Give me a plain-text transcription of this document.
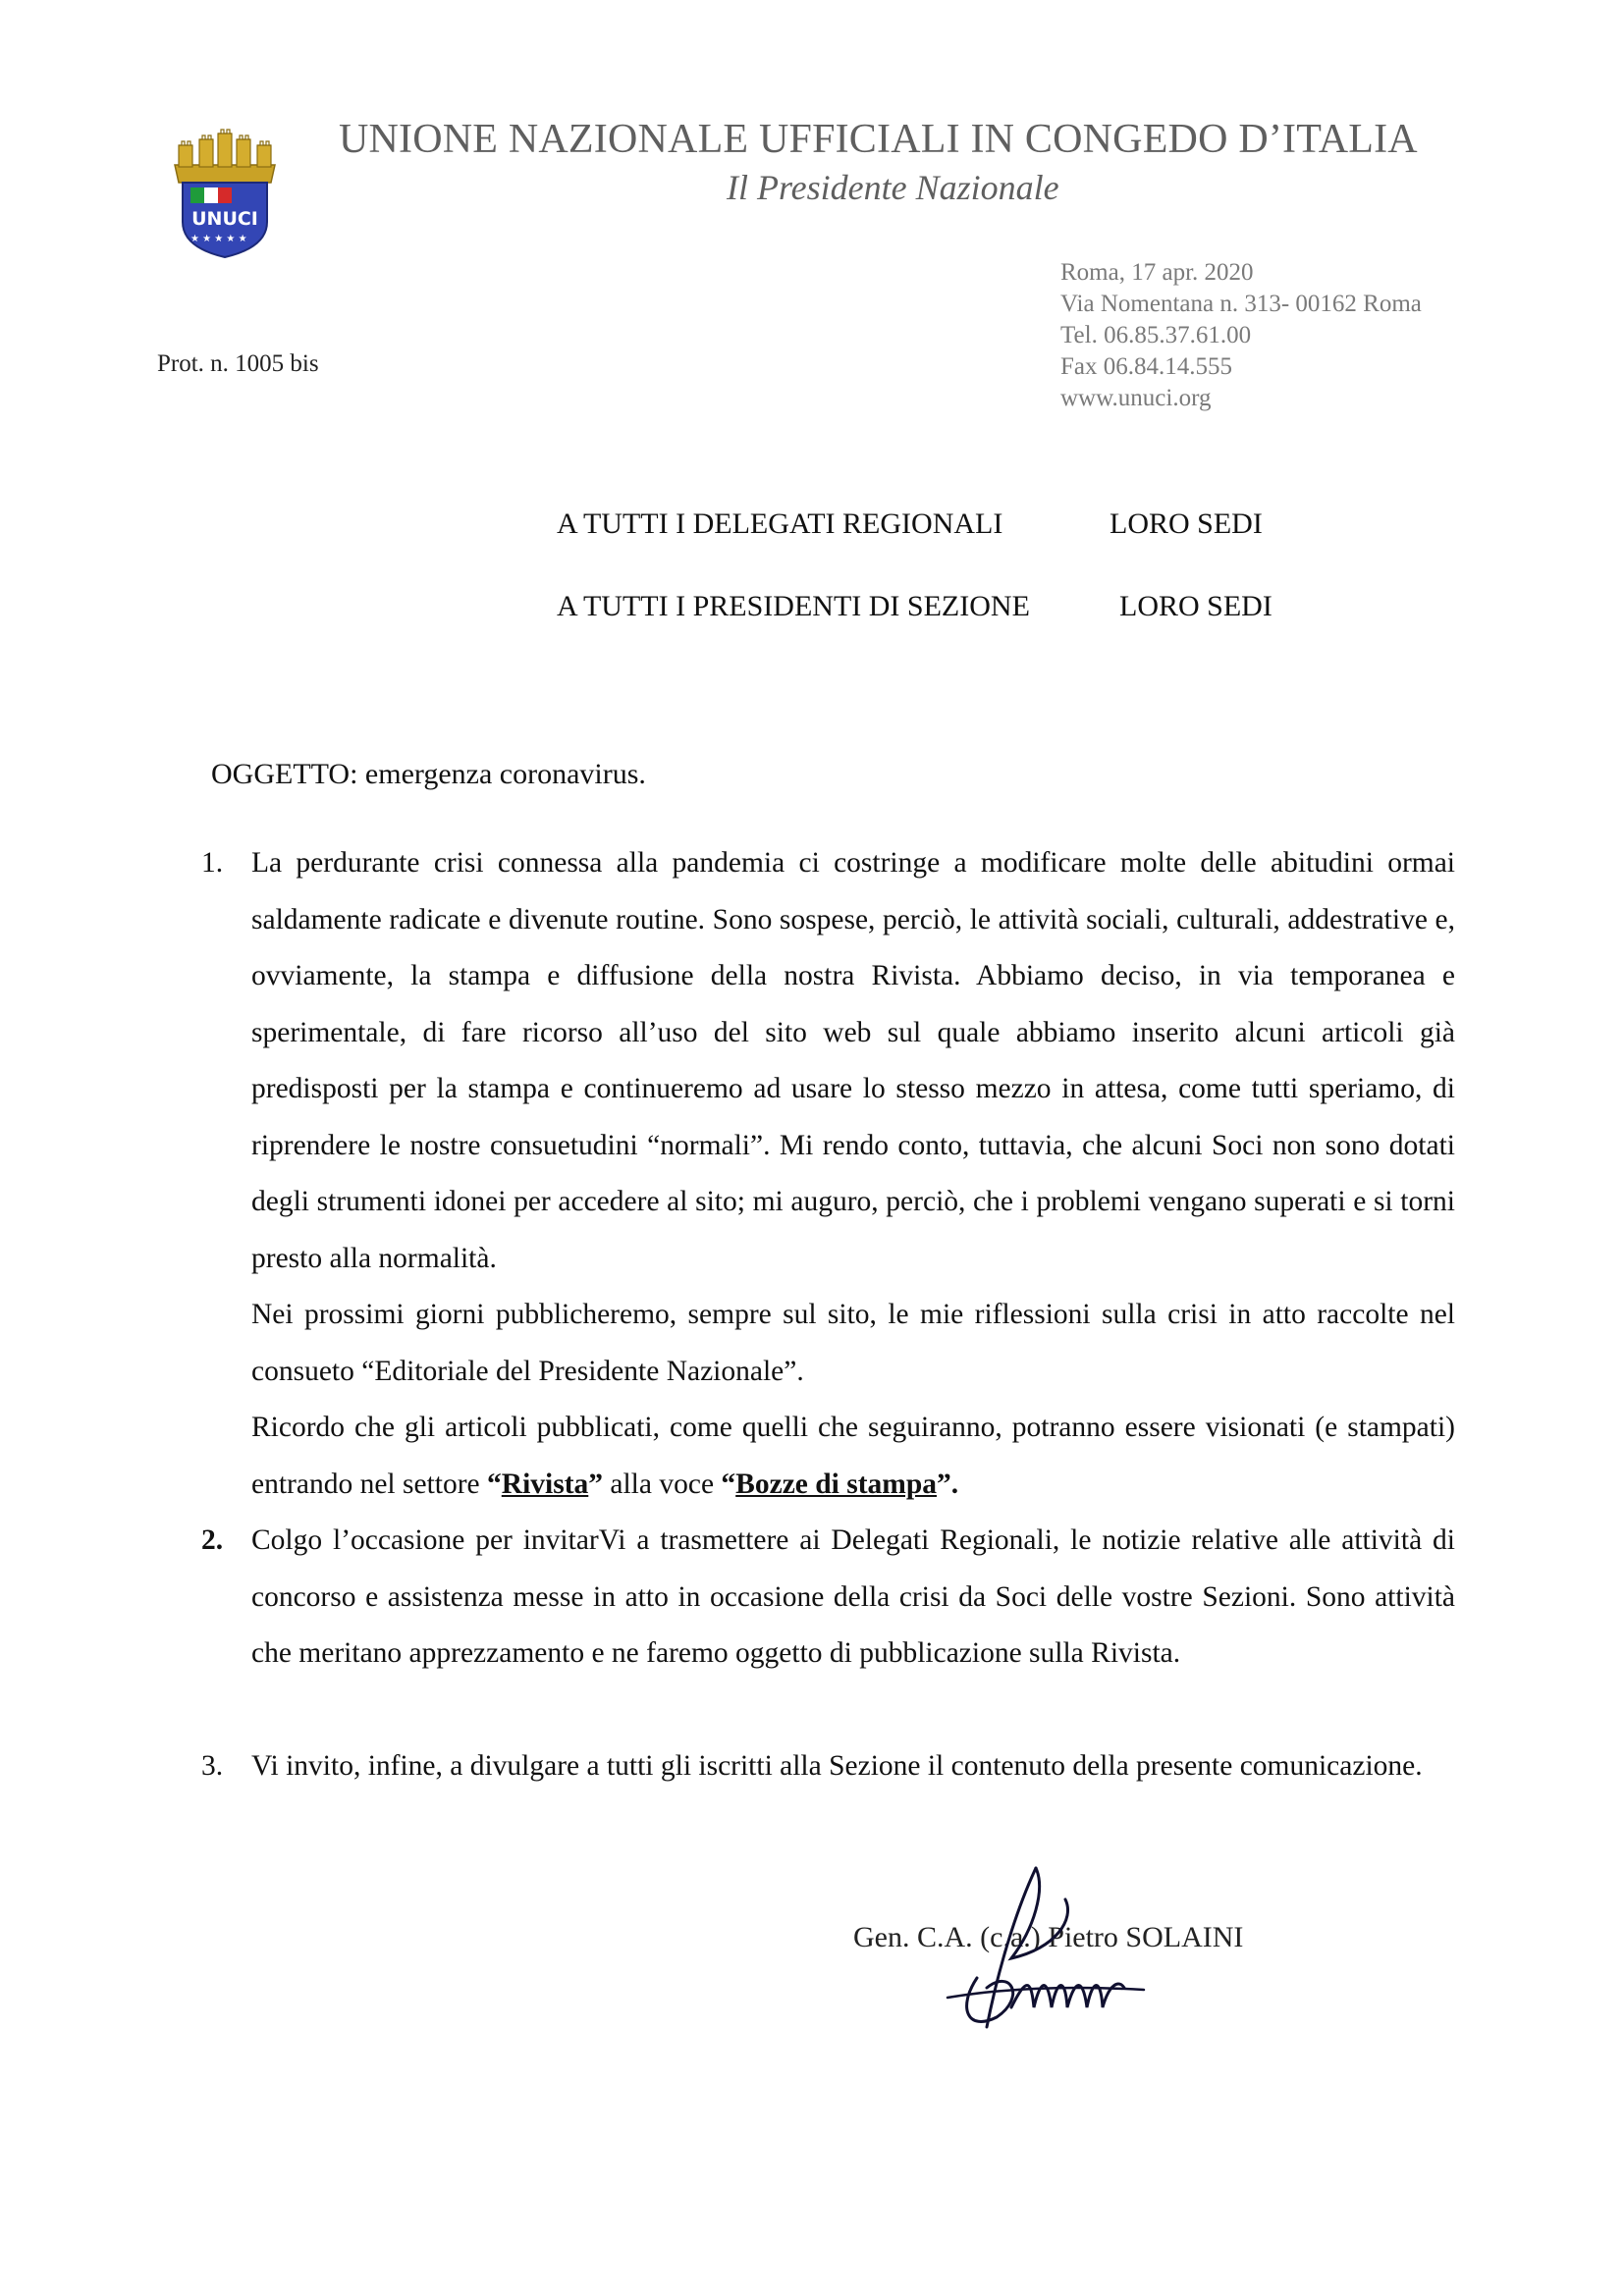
★ ★ ★ ★ ★
UNUCI
UNIONE NAZIONALE UFFICIALI IN CONGEDO D’ITALIA
Il Presidente Nazionale
Prot. n. 1005 bis
Roma, 17 apr. 2020
Via Nomentana n. 313- 00162 Roma
Tel. 06.85.37.61.00
Fax 06.84.14.555
www.unuci.org
A TUTTI I DELEGATI REGIONALI	LORO SEDI
A TUTTI I PRESIDENTI DI SEZIONE	LORO SEDI
OGGETTO: emergenza coronavirus.
1. La perdurante crisi connessa alla pandemia ci costringe a modificare molte delle abitudini ormai saldamente radicate e divenute routine. Sono sospese, perciò, le attività sociali, culturali, addestrative e, ovviamente, la stampa e diffusione della nostra Rivista. Abbiamo deciso, in via temporanea e sperimentale, di fare ricorso all’uso del sito web sul quale abbiamo inserito alcuni articoli già predisposti per la stampa e continueremo ad usare lo stesso mezzo in attesa, come tutti speriamo, di riprendere le nostre consuetudini “normali”. Mi rendo conto, tuttavia, che alcuni Soci non sono dotati degli strumenti idonei per accedere al sito; mi auguro, perciò, che i problemi vengano superati e si torni presto alla normalità.
Nei prossimi giorni pubblicheremo, sempre sul sito, le mie riflessioni sulla crisi in atto raccolte nel consueto “Editoriale del Presidente Nazionale”.
Ricordo che gli articoli pubblicati, come quelli che seguiranno, potranno essere visionati (e stampati) entrando nel settore “Rivista” alla voce “Bozze di stampa”.
2. Colgo l’occasione per invitarVi a trasmettere ai Delegati Regionali, le notizie relative alle attività di concorso e assistenza messe in atto in occasione della crisi da Soci delle vostre Sezioni. Sono attività che meritano apprezzamento e ne faremo oggetto di pubblicazione sulla Rivista.
3. Vi invito, infine, a divulgare a tutti gli iscritti alla Sezione il contenuto della presente comunicazione.
Gen. C.A. (c.a.) Pietro SOLAINI
